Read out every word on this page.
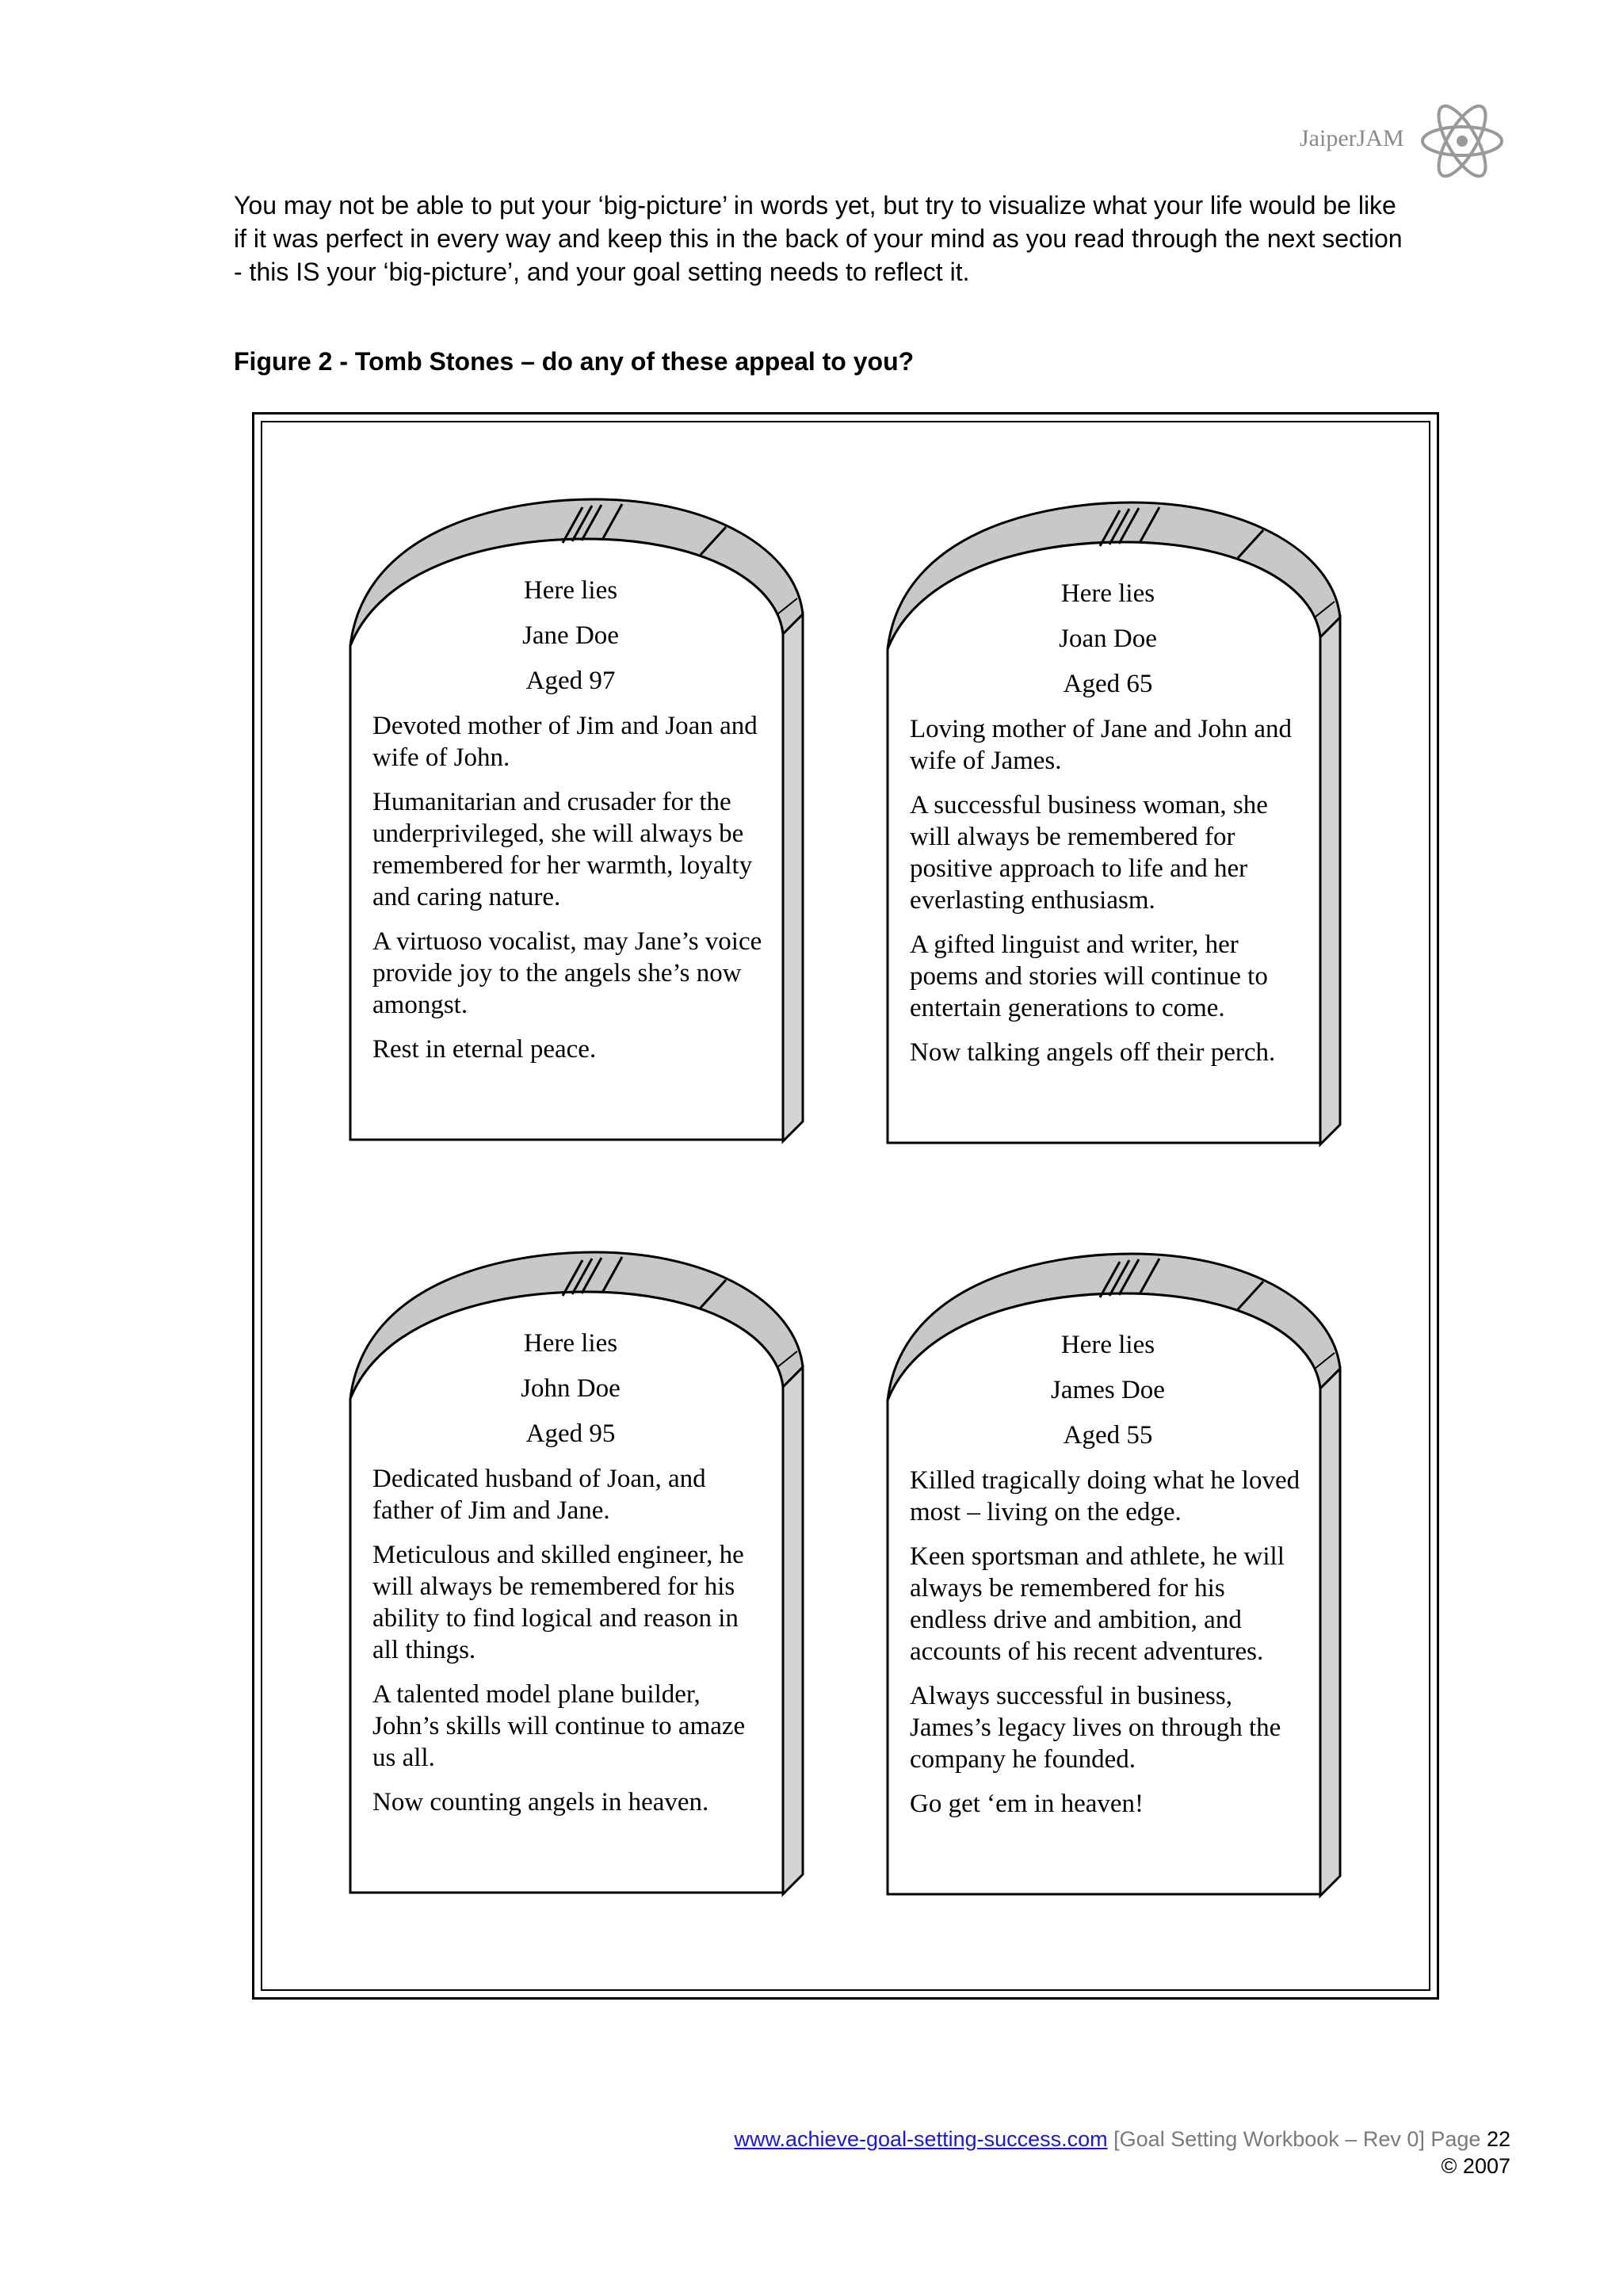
JaiperJAM

You may not be able to put your ‘big-picture’ in words yet, but try to visualize what your life would be like

if it was perfect in every way and keep this in the back of your mind as you read through the next section

- this IS your ‘big-picture’, and your goal setting needs to reflect it.

Figure 2 - Tomb Stones – do any of these appeal to you?

Here lies

Jane Doe

Aged 97

Devoted mother of Jim and Joan and wife of John.

Humanitarian and crusader for the underprivileged, she will always be remembered for her warmth, loyalty and caring nature.

A virtuoso vocalist, may Jane’s voice provide joy to the angels she’s now amongst.

Rest in eternal peace.

Here lies

Joan Doe

Aged 65

Loving mother of Jane and John and wife of James.

A successful business woman, she will always be remembered for positive approach to life and her everlasting enthusiasm.

A gifted linguist and writer, her poems and stories will continue to entertain generations to come.

Now talking angels off their perch.

Here lies

John Doe

Aged 95

Dedicated husband of Joan, and father of Jim and Jane.

Meticulous and skilled engineer, he will always be remembered for his ability to find logical and reason in all things.

A talented model plane builder, John’s skills will continue to amaze us all.

Now counting angels in heaven.

Here lies

James Doe

Aged 55

Killed tragically doing what he loved most – living on the edge.

Keen sportsman and athlete, he will always be remembered for his endless drive and ambition, and accounts of his recent adventures.

Always successful in business, James’s legacy lives on through the company he founded.

Go get ‘em in heaven!

www.achieve-goal-setting-success.com [Goal Setting Workbook – Rev 0] Page 22
© 2007
